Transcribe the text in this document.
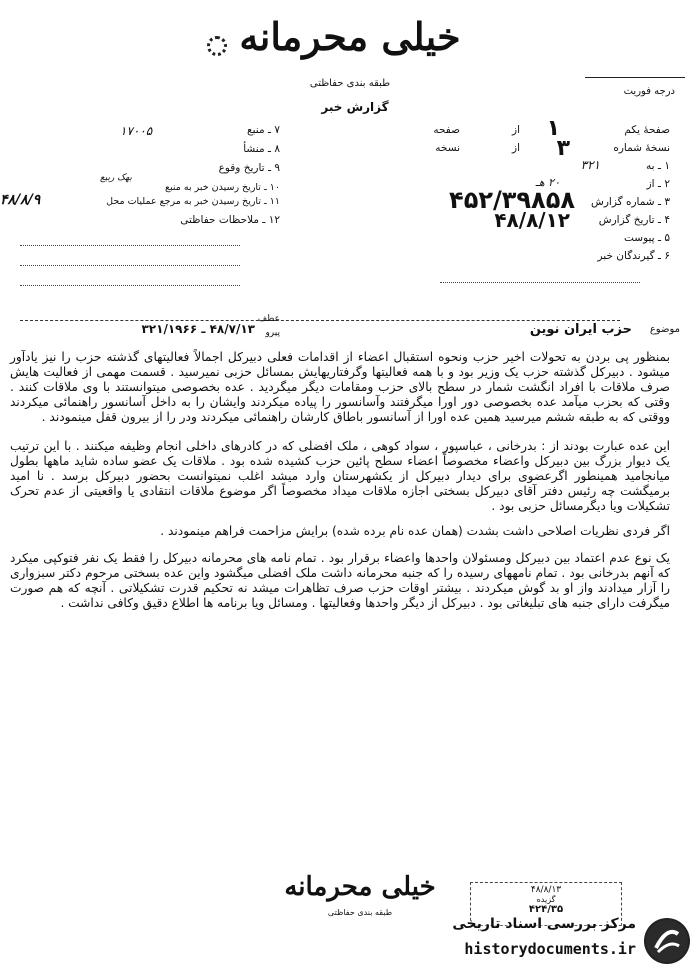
خیلی محرمانه
طبقه بندی حفاظتی
درجه فوریت
گزارش خبر
۷ ـ منبع
۱۷۰۰۵
۸ ـ منشأ
۹ ـ تاریخ وقوع
بهک ربیع
۱۰ ـ تاریخ رسیدن خبر به منبع
۱۱ ـ تاریخ رسیدن خبر به مرجع عملیات محل
۴۸/۸/۹
۱۲ ـ ملاحظات حفاظتی
صفحهٔ یکم
۱
از
صفحه
نسخهٔ شماره
۳
از
نسخه
۱ ـ به
۳۲۱
۲ ـ از
۲۰ هـ
۳ ـ شماره گزارش
۴۵۲/۳۹۸۵۸
۴ ـ تاریخ گزارش
۴۸/۸/۱۲
۵ ـ پیوست
۶ ـ گیرندگان خبر
موضوع
حزب ایران نوین
عطف
پیرو
۴۸/۷/۱۳ ـ ۳۲۱/۱۹۶۶

بمنظور پی بردن به تحولات اخیر حزب ونحوه استقبال اعضاء از اقدامات فعلی دبیرکل اجمالاً فعالیتهای گذشته حزب را نیز یادآور میشود . دبیرکل گذشته حزب یک وزیر بود و با همه فعالیتها وگرفتاریهایش بمسائل حزبی نمیرسید . قسمت مهمی از فعالیت هایش صرف ملاقات با افراد انگشت شمار در سطح بالای حزب ومقامات دیگر میگردید . عده بخصوصی میتوانستند با وی ملاقات کنند . وقتی که بحزب میآمد عده بخصوصی دور اورا میگرفتند وآسانسور را پیاده میکردند وایشان را به داخل آسانسور راهنمائی میکردند ووقتی که به طبقه ششم میرسید همین عده اورا از آسانسور باطاق کارشان راهنمائی میکردند ودر را از بیرون قفل مینمودند .

این عده عبارت بودند از : بدرخانی ، عباسپور ، سواد کوهی ، ملک افضلی که در کادرهای داخلی انجام وظیفه میکنند . با این ترتیب یک دیوار بزرگ بین دبیرکل واعضاء مخصوصاً اعضاء سطح پائین حزب کشیده شده بود . ملاقات یک عضو ساده شاید ماهها بطول میانجامید همینطور اگرعضوی برای دیدار دبیرکل از یکشهرستان وارد میشد اغلب نمیتوانست بحضور دبیرکل برسد . نا امید برمیگشت چه رئیس دفتر آقای دبیرکل بسختی اجازه ملاقات میداد مخصوصاً اگر موضوع ملاقات انتقادی یا واقعیتی از عدم تحرک تشکیلات ویا دیگرمسائل حزبی بود .

اگر فردی نظریات اصلاحی داشت بشدت (همان عده نام برده شده) برایش مزاحمت فراهم مینمودند .

یک نوع عدم اعتماد بین دبیرکل ومسئولان واحدها واعضاء برقرار بود . تمام نامه های محرمانه دبیرکل را فقط یک نفر فتوکپی میکرد که آنهم بدرخانی بود . تمام نامههای رسیده را که جنبه محرمانه داشت ملک افضلی میگشود واین عده بسختی مرحوم دکتر سبزواری را آزار میدادند واز او بد گوش میکردند . بیشتر اوقات حزب صرف تظاهرات میشد نه تحکیم قدرت تشکیلاتی . آنچه که هم صورت میگرفت دارای جنبه های تبلیغاتی بود . دبیرکل از دیگر واحدها وفعالیتها . ومسائل ویا برنامه ها اطلاع دقیق وکافی نداشت .

خیلی محرمانه
طبقه بندی حفاظتی
۴۸/۸/۱۳
گزیده
۴۲۴/۳۵
مرکز بررسی اسناد تاریخی
historydocuments.ir
